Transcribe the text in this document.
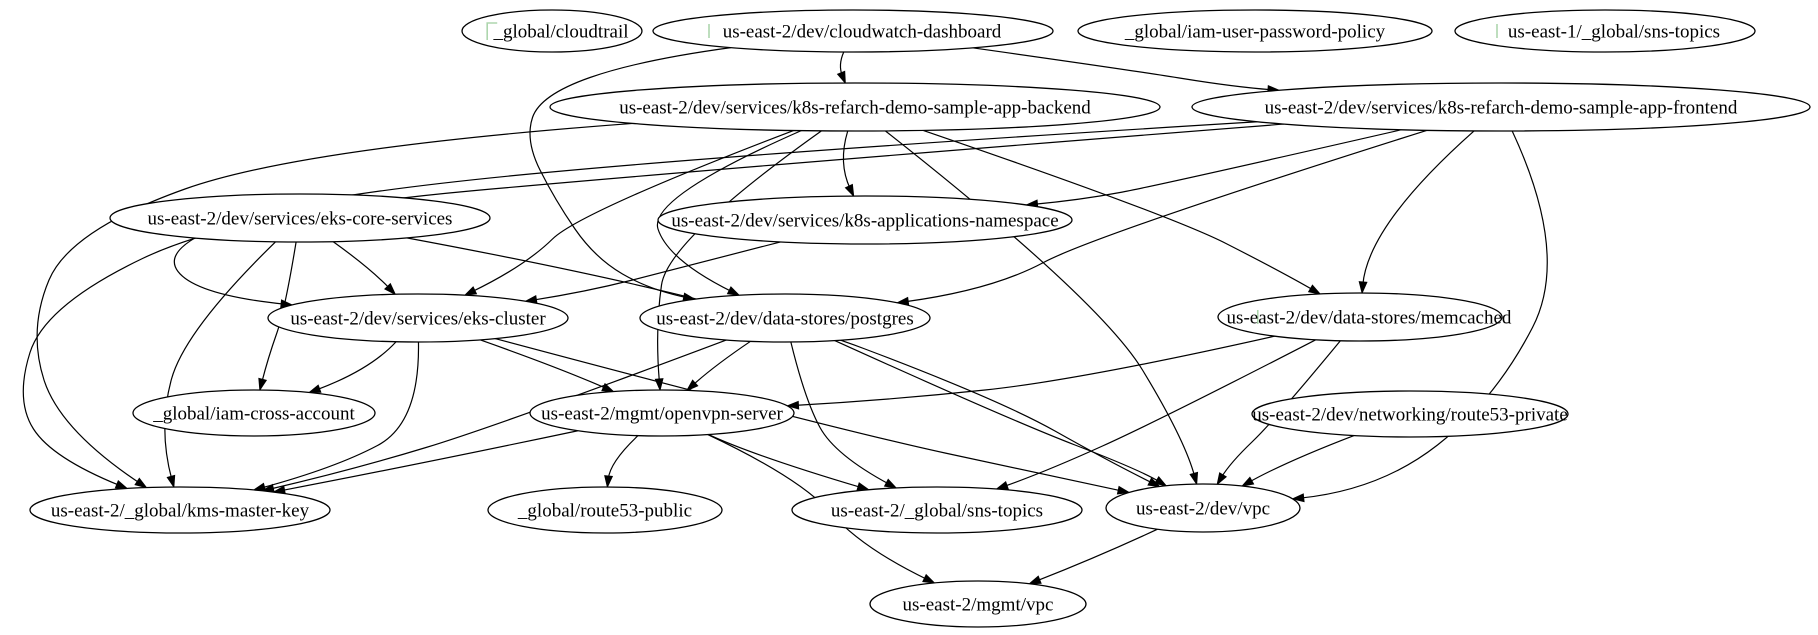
_global/cloudtrail	us-east-2/dev/cloudwatch-dashboard	_global/iam-user-password-policy	us-east-1/_global/sns-topics
us-east-2/dev/services/k8s-refarch-demo-sample-app-backend	us-east-2/dev/services/k8s-refarch-demo-sample-app-frontend
us-east-2/dev/services/eks-core-services	us-east-2/dev/services/k8s-applications-namespace
us-east-2/dev/services/eks-cluster	us-east-2/dev/data-stores/postgres	us-east-2/dev/data-stores/memcached
_global/iam-cross-account	us-east-2/mgmt/openvpn-server	us-east-2/dev/networking/route53-private
us-east-2/_global/kms-master-key	_global/route53-public	us-east-2/_global/sns-topics	us-east-2/dev/vpc
us-east-2/mgmt/vpc
